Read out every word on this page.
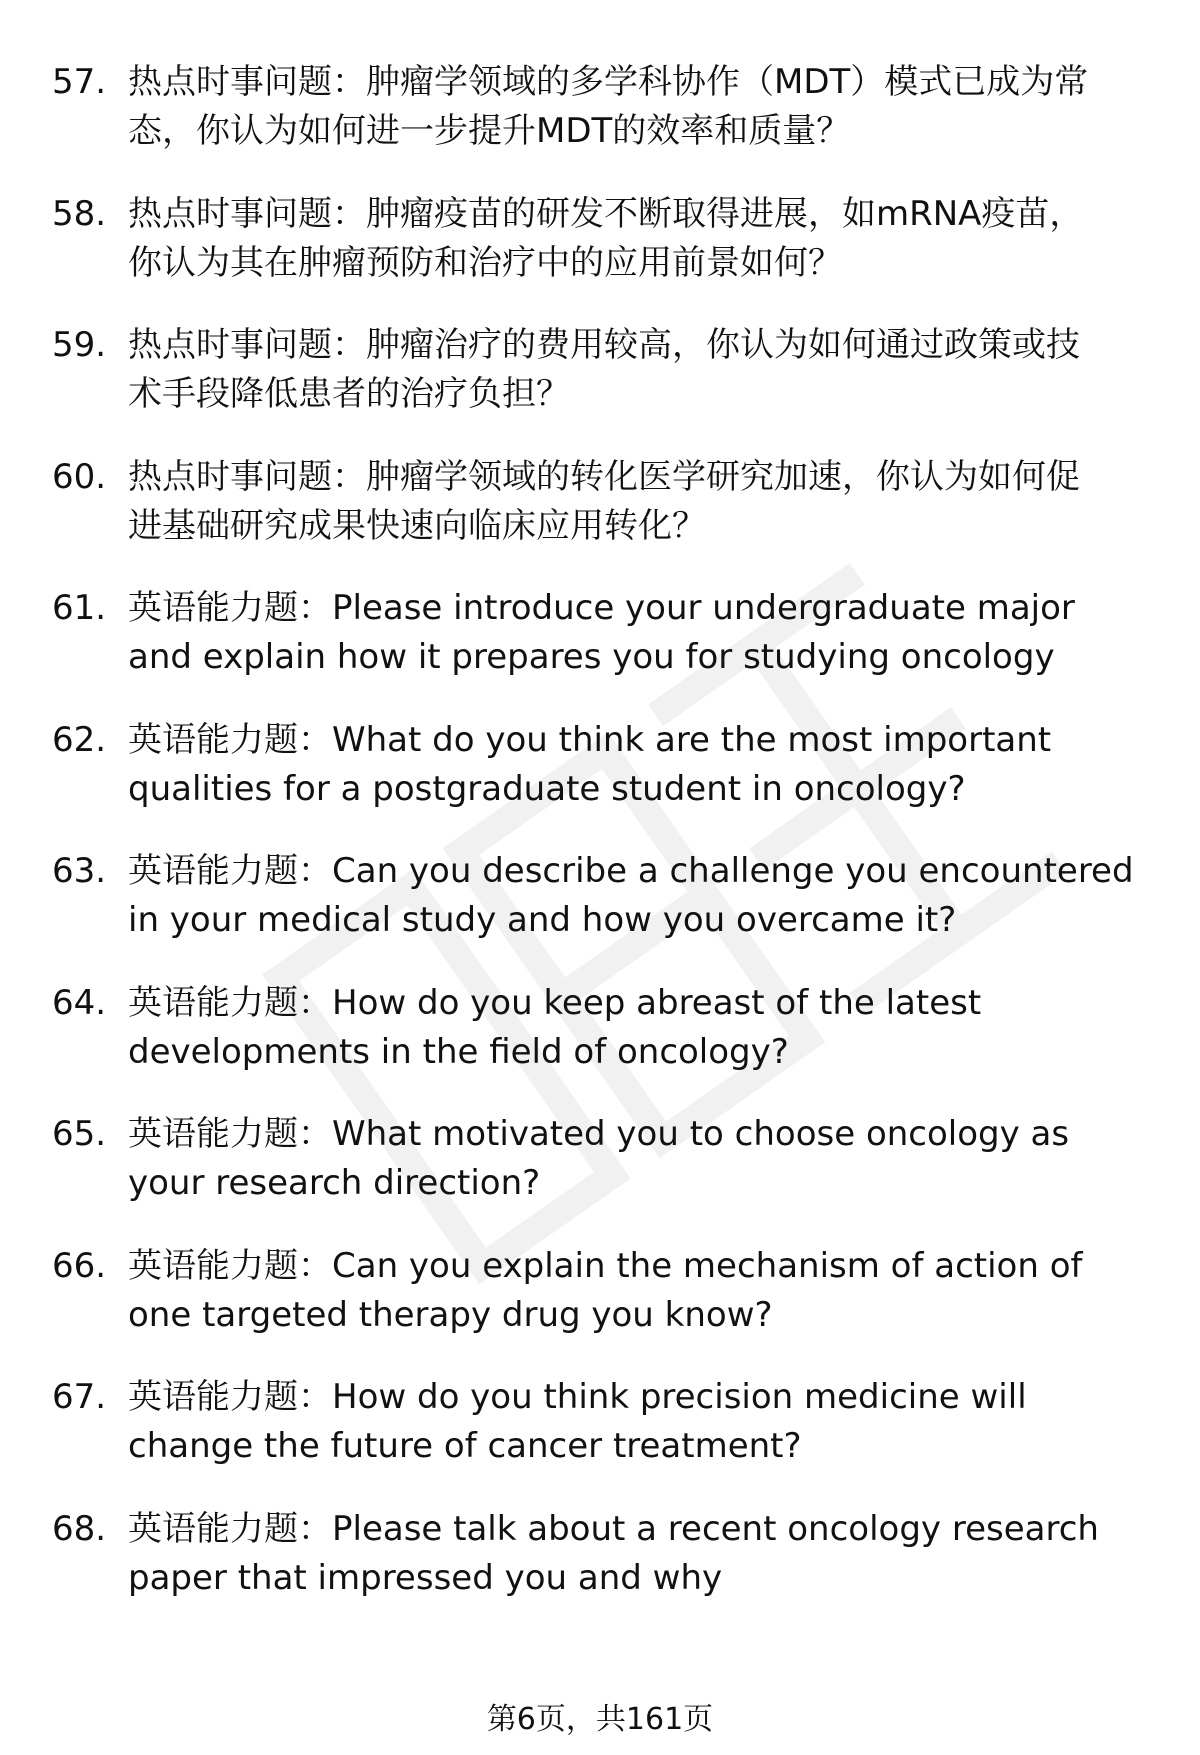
57. 热点时事问题：肿瘤学领域的多学科协作（MDT）模式已成为常
态，你认为如何进一步提升MDT的效率和质量？
58. 热点时事问题：肿瘤疫苗的研发不断取得进展，如mRNA疫苗，
你认为其在肿瘤预防和治疗中的应用前景如何？
59. 热点时事问题：肿瘤治疗的费用较高，你认为如何通过政策或技
术手段降低患者的治疗负担？
60. 热点时事问题：肿瘤学领域的转化医学研究加速，你认为如何促
进基础研究成果快速向临床应用转化？
61. 英语能力题：Please introduce your undergraduate major
and explain how it prepares you for studying oncology
62. 英语能力题：What do you think are the most important
qualities for a postgraduate student in oncology?
63. 英语能力题：Can you describe a challenge you encountered
in your medical study and how you overcame it?
64. 英语能力题：How do you keep abreast of the latest
developments in the field of oncology?
65. 英语能力题：What motivated you to choose oncology as
your research direction?
66. 英语能力题：Can you explain the mechanism of action of
one targeted therapy drug you know?
67. 英语能力题：How do you think precision medicine will
change the future of cancer treatment?
68. 英语能力题：Please talk about a recent oncology research
paper that impressed you and why
第6页，共161页
